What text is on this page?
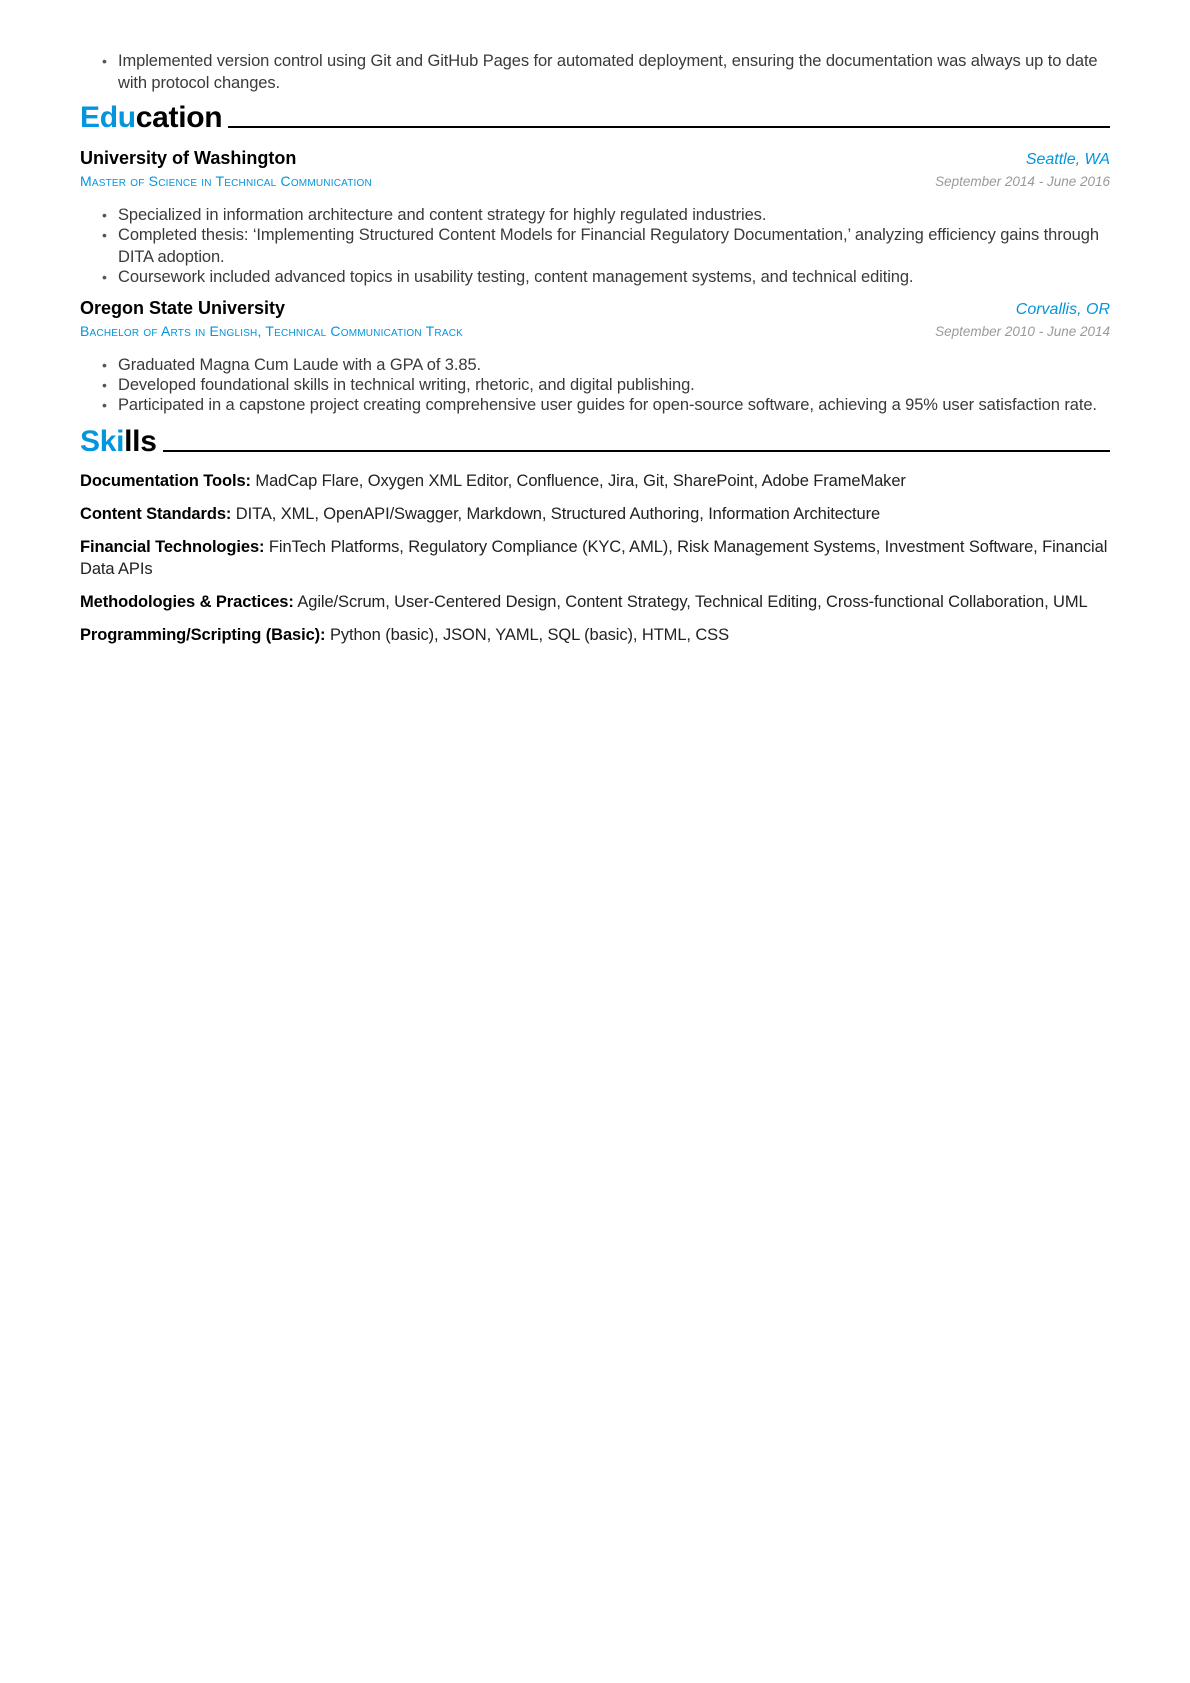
• Implemented version control using Git and GitHub Pages for automated deployment, ensuring the documentation was always up to date with protocol changes.
Education
University of Washington	Seattle, WA
Master of Science in Technical Communication	September 2014 - June 2016
• Specialized in information architecture and content strategy for highly regulated industries.
• Completed thesis: ‘Implementing Structured Content Models for Financial Regulatory Documentation,’ analyzing efficiency gains through DITA adoption.
• Coursework included advanced topics in usability testing, content management systems, and technical editing.
Oregon State University	Corvallis, OR
Bachelor of Arts in English, Technical Communication Track	September 2010 - June 2014
• Graduated Magna Cum Laude with a GPA of 3.85.
• Developed foundational skills in technical writing, rhetoric, and digital publishing.
• Participated in a capstone project creating comprehensive user guides for open-source software, achieving a 95% user satisfaction rate.
Skills
Documentation Tools: MadCap Flare, Oxygen XML Editor, Confluence, Jira, Git, SharePoint, Adobe FrameMaker
Content Standards: DITA, XML, OpenAPI/Swagger, Markdown, Structured Authoring, Information Architecture
Financial Technologies: FinTech Platforms, Regulatory Compliance (KYC, AML), Risk Management Systems, Investment Software, Financial Data APIs
Methodologies & Practices: Agile/Scrum, User-Centered Design, Content Strategy, Technical Editing, Cross-functional Collaboration, UML
Programming/Scripting (Basic): Python (basic), JSON, YAML, SQL (basic), HTML, CSS
